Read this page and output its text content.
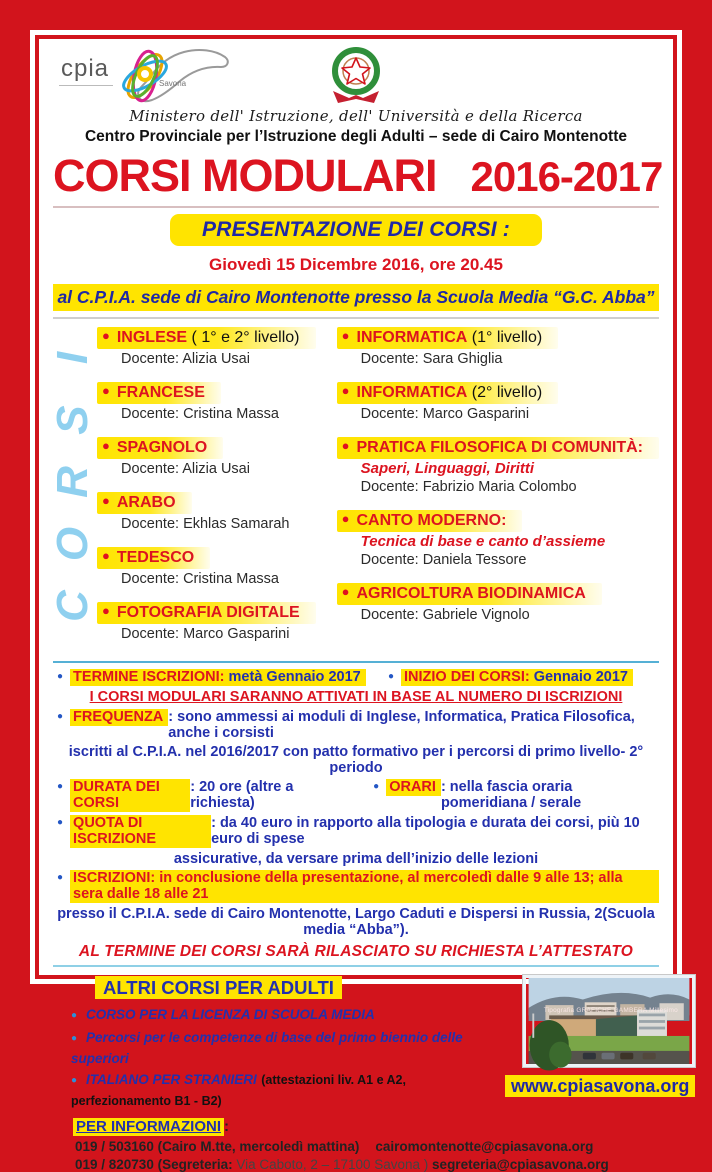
cpia
Savona
Ministero dell' Istruzione, dell' Università e della Ricerca
Centro Provinciale per l’Istruzione degli Adulti – sede di Cairo Montenotte
CORSI MODULARI 2016-2017
PRESENTAZIONE DEI CORSI :
Giovedì 15 Dicembre 2016, ore 20.45
al C.P.I.A. sede di Cairo Montenotte presso la Scuola Media “G.C. Abba”
I
S
R
O
C
● INGLESE ( 1° e 2° livello)
Docente: Alizia Usai
● FRANCESE
Docente: Cristina Massa
● SPAGNOLO
Docente: Alizia Usai
● ARABO
Docente: Ekhlas Samarah
● TEDESCO
Docente: Cristina Massa
● FOTOGRAFIA DIGITALE
Docente: Marco Gasparini
● INFORMATICA (1° livello)
Docente: Sara Ghiglia
● INFORMATICA (2° livello)
Docente: Marco Gasparini
● PRATICA FILOSOFICA DI COMUNITÀ:
Saperi, Linguaggi, Diritti
Docente: Fabrizio Maria Colombo
● CANTO MODERNO:
Tecnica di base e canto d’assieme
Docente: Daniela Tessore
● AGRICOLTURA BIODINAMICA
Docente: Gabriele Vignolo
●
TERMINE ISCRIZIONI: metà Gennaio 2017 ●	INIZIO DEI CORSI: Gennaio 2017
I CORSI MODULARI SARANNO ATTIVATI IN BASE AL NUMERO DI ISCRIZIONI
●
FREQUENZA : sono ammessi ai moduli di Inglese, Informatica, Pratica Filosofica, anche i corsisti
iscritti al C.P.I.A. nel 2016/2017 con patto formativo per i percorsi di primo livello- 2° periodo
●
DURATA DEI CORSI
: 20 ore (altre a richiesta)
●
ORARI : nella fascia oraria pomeridiana / serale
●
QUOTA DI ISCRIZIONE
: da 40 euro in rapporto alla tipologia e durata dei corsi, più 10 euro di spese
assicurative, da versare prima dell’inizio delle lezioni
●
ISCRIZIONI: in conclusione della presentazione, al mercoledì dalle 9 alle 13; alla sera dalle 18 alle 21
presso il C.P.I.A. sede di Cairo Montenotte, Largo Caduti e Dispersi in Russia, 2(Scuola media “Abba”).
AL TERMINE DEI CORSI SARÀ RILASCIATO SU RICHIESTA L’ATTESTATO
ALTRI CORSI PER ADULTI
● CORSO PER LA LICENZA DI SCUOLA MEDIA
● Percorsi per le competenze di base del primo biennio delle superiori
● ITALIANO PER STRANIERI (attestazioni liv. A1 e A2, perfezionamento B1 - B2)
PER INFORMAZIONI :
019 / 503160 (Cairo M.tte, mercoledì mattina) cairomontenotte@cpiasavona.org
019 / 820730 (Segreteria: Via Caboto, 2 – 17100 Savona ) segreteria@cpiasavona.org
www.cpiasavona.org
Tipografia GRAFICHE GAMBERA Millesimo
